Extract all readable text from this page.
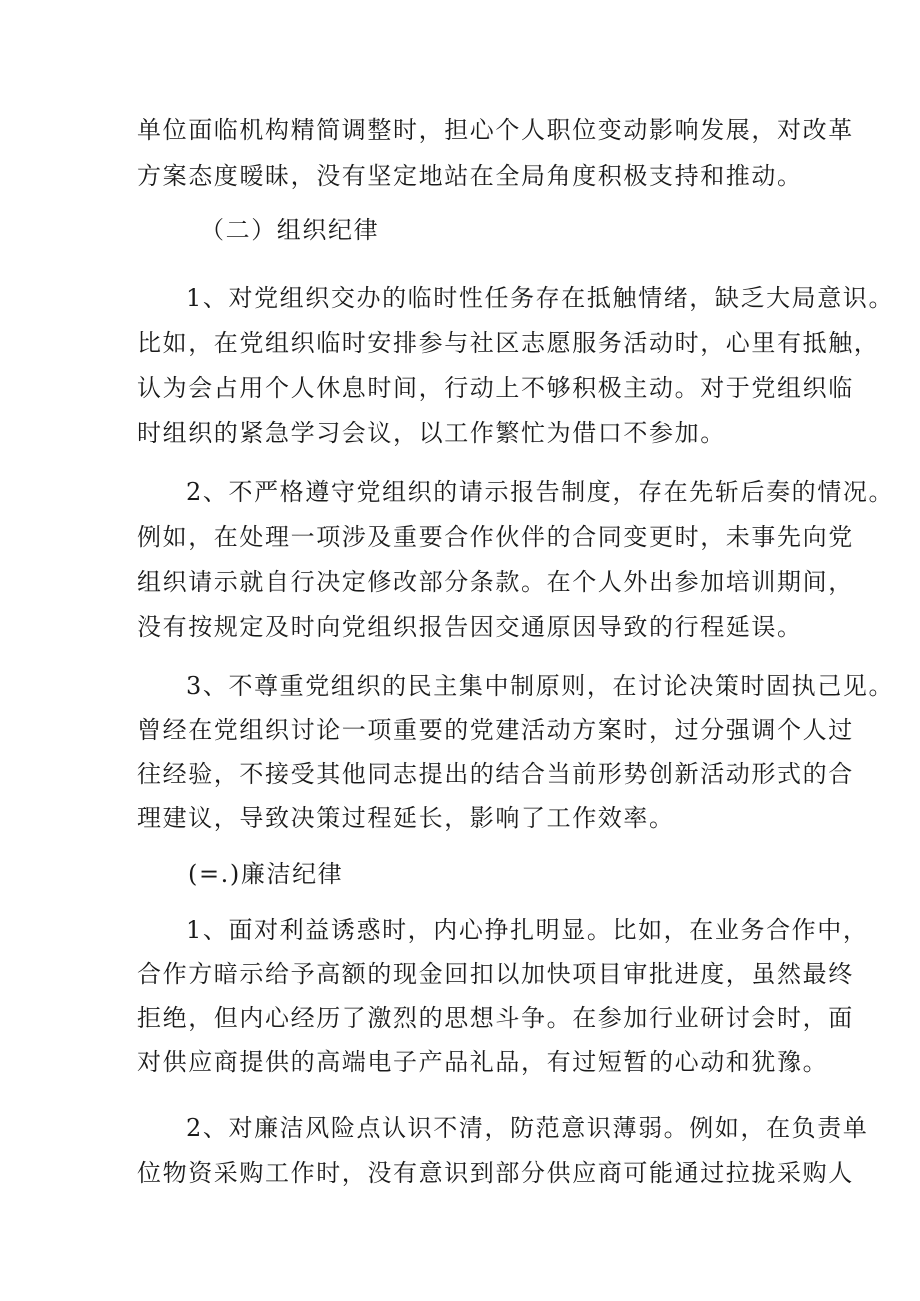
单位面临机构精简调整时，担心个人职位变动影响发展，对改革
方案态度暧昧，没有坚定地站在全局角度积极支持和推动。
（二）组织纪律
1、对党组织交办的临时性任务存在抵触情绪，缺乏大局意识。
比如，在党组织临时安排参与社区志愿服务活动时，心里有抵触，
认为会占用个人休息时间，行动上不够积极主动。对于党组织临
时组织的紧急学习会议，以工作繁忙为借口不参加。
2、不严格遵守党组织的请示报告制度，存在先斩后奏的情况。
例如，在处理一项涉及重要合作伙伴的合同变更时，未事先向党
组织请示就自行决定修改部分条款。在个人外出参加培训期间，
没有按规定及时向党组织报告因交通原因导致的行程延误。
3、不尊重党组织的民主集中制原则，在讨论决策时固执己见。
曾经在党组织讨论一项重要的党建活动方案时，过分强调个人过
往经验，不接受其他同志提出的结合当前形势创新活动形式的合
理建议，导致决策过程延长，影响了工作效率。
(=.)廉洁纪律
1、面对利益诱惑时，内心挣扎明显。比如，在业务合作中，
合作方暗示给予高额的现金回扣以加快项目审批进度，虽然最终
拒绝，但内心经历了激烈的思想斗争。在参加行业研讨会时，面
对供应商提供的高端电子产品礼品，有过短暂的心动和犹豫。
2、对廉洁风险点认识不清，防范意识薄弱。例如，在负责单
位物资采购工作时，没有意识到部分供应商可能通过拉拢采购人
